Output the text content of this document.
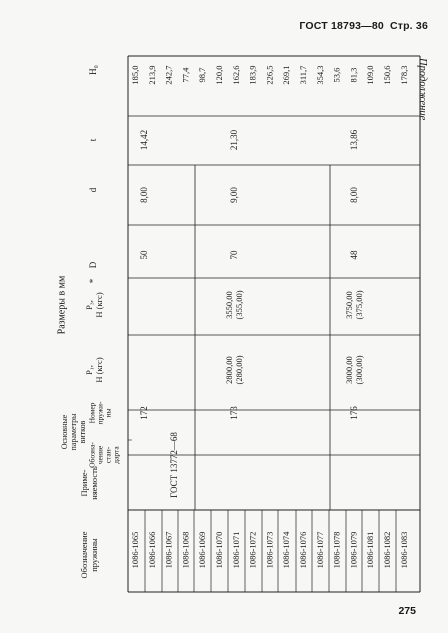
ГОСТ 18793—80 Стр. 36
Продолжение
275
Обозначение пружины
Приме- няемость
Основные параметры витков
Обозна- чение стан- дарта
Номер пружи- ны
P₁, Н (кгс)
P₃, Н (кгс)
*
D
d
t
H₀
Размеры в мм
ГОСТ 13772—68
1086-1065
185,0
1086-1066
213,9
1086-1067
242,7
1086-1068
77,4
1086-1069
98,7
1086-1070
120,0
1086-1071
162,6
1086-1072
183,9
1086-1073
226,5
1086-1074
269,1
1086-1076
311,7
1086-1077
354,3
1086-1078
53,6
1086-1079
81,3
1086-1081
109,0
1086-1082
150,6
1086-1083
178,3
172
50
8,00
14,42
173
2800,00 (280,00)
3550,00 (355,00)
70
9,00
21,30
176
3000,00 (300,00)
3750,00 (375,00)
48
8,00
13,86
